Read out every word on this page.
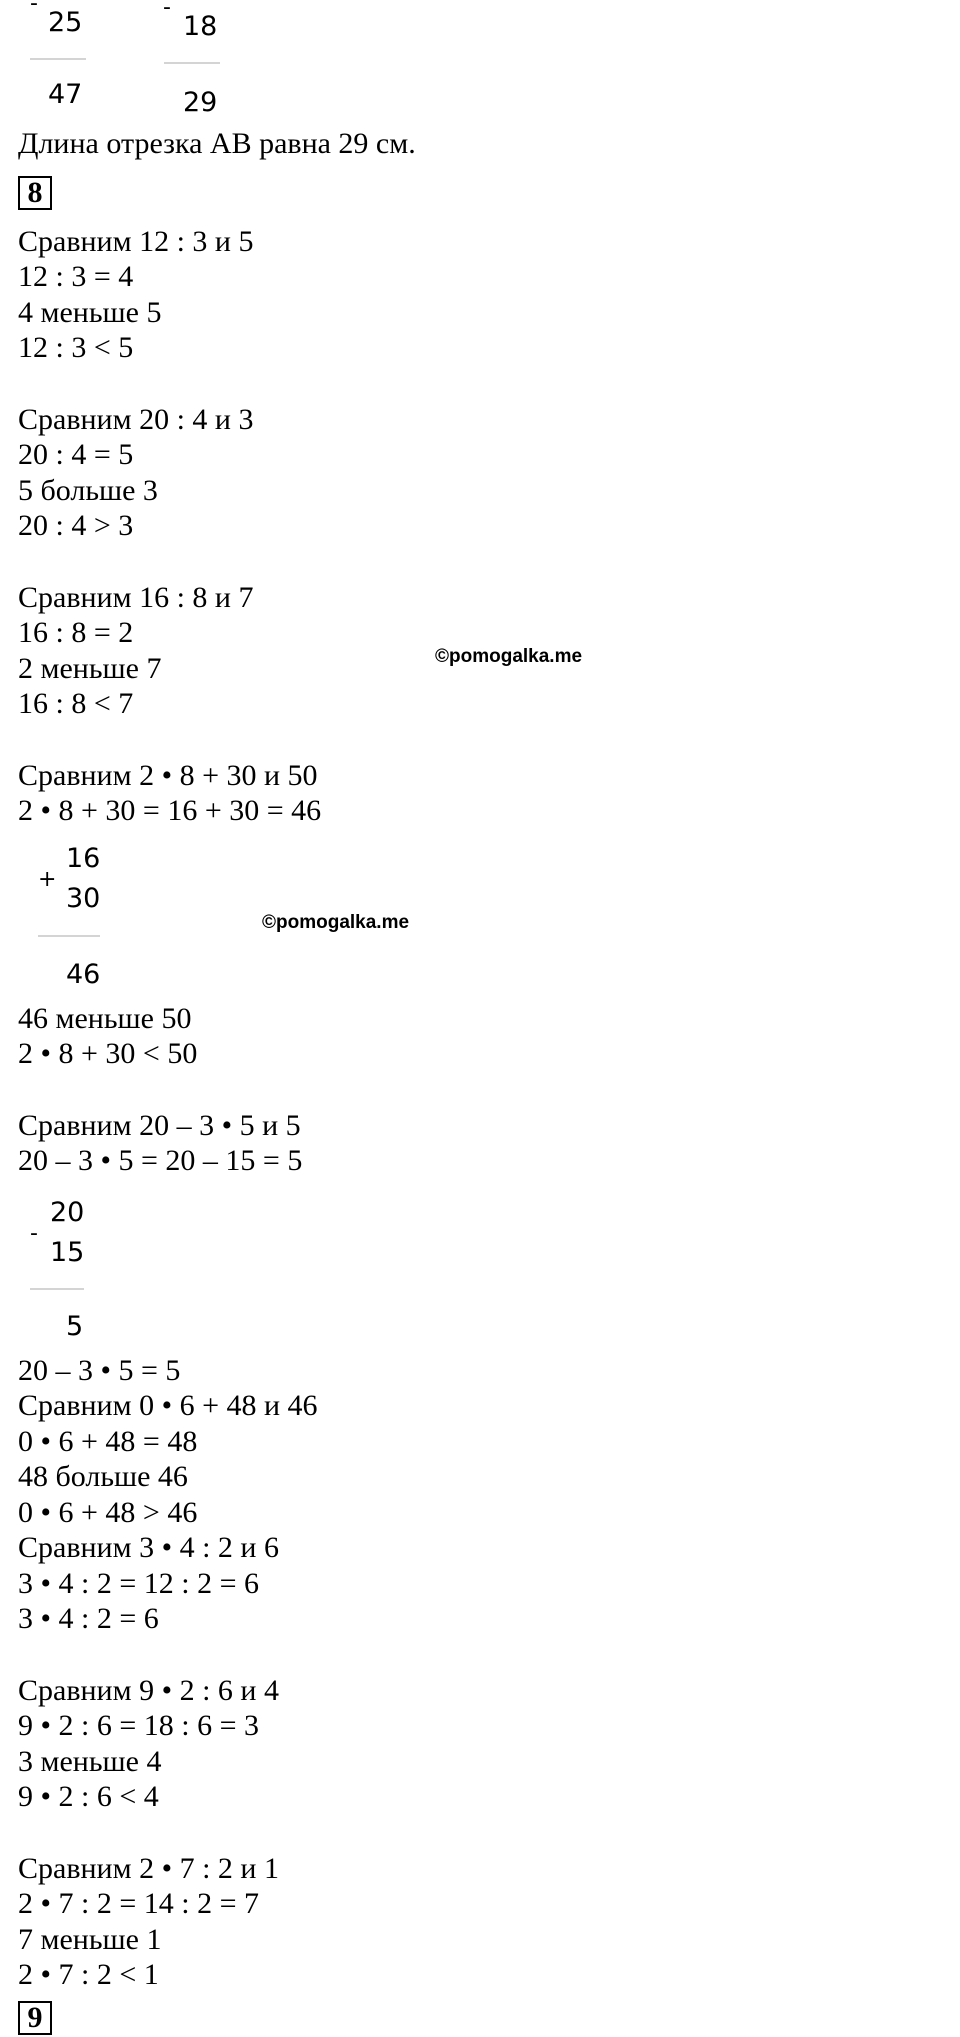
-
25
47
-
18
29
Длина отрезка АВ равна 29 см.
8
Сравним 12 : 3 и 5
12 : 3 = 4
4 меньше 5
12 : 3 < 5
Сравним 20 : 4 и 3
20 : 4 = 5
5 больше 3
20 : 4 > 3
Сравним 16 : 8 и 7
16 : 8 = 2
©pomogalka.me
2 меньше 7
16 : 8 < 7
Сравним 2 • 8 + 30 и 50
2 • 8 + 30 = 16 + 30 = 46
+
16
30
46
©pomogalka.me
46 меньше 50
2 • 8 + 30 < 50
Сравним 20 – 3 • 5 и 5
20 – 3 • 5 = 20 – 15 = 5
-
20
15
5
20 – 3 • 5 = 5
Сравним 0 • 6 + 48 и 46
0 • 6 + 48 = 48
48 больше 46
0 • 6 + 48 > 46
Сравним 3 • 4 : 2 и 6
3 • 4 : 2 = 12 : 2 = 6
3 • 4 : 2 = 6
Сравним 9 • 2 : 6 и 4
9 • 2 : 6 = 18 : 6 = 3
3 меньше 4
9 • 2 : 6 < 4
Сравним 2 • 7 : 2 и 1
2 • 7 : 2 = 14 : 2 = 7
7 меньше 1
2 • 7 : 2 < 1
9
